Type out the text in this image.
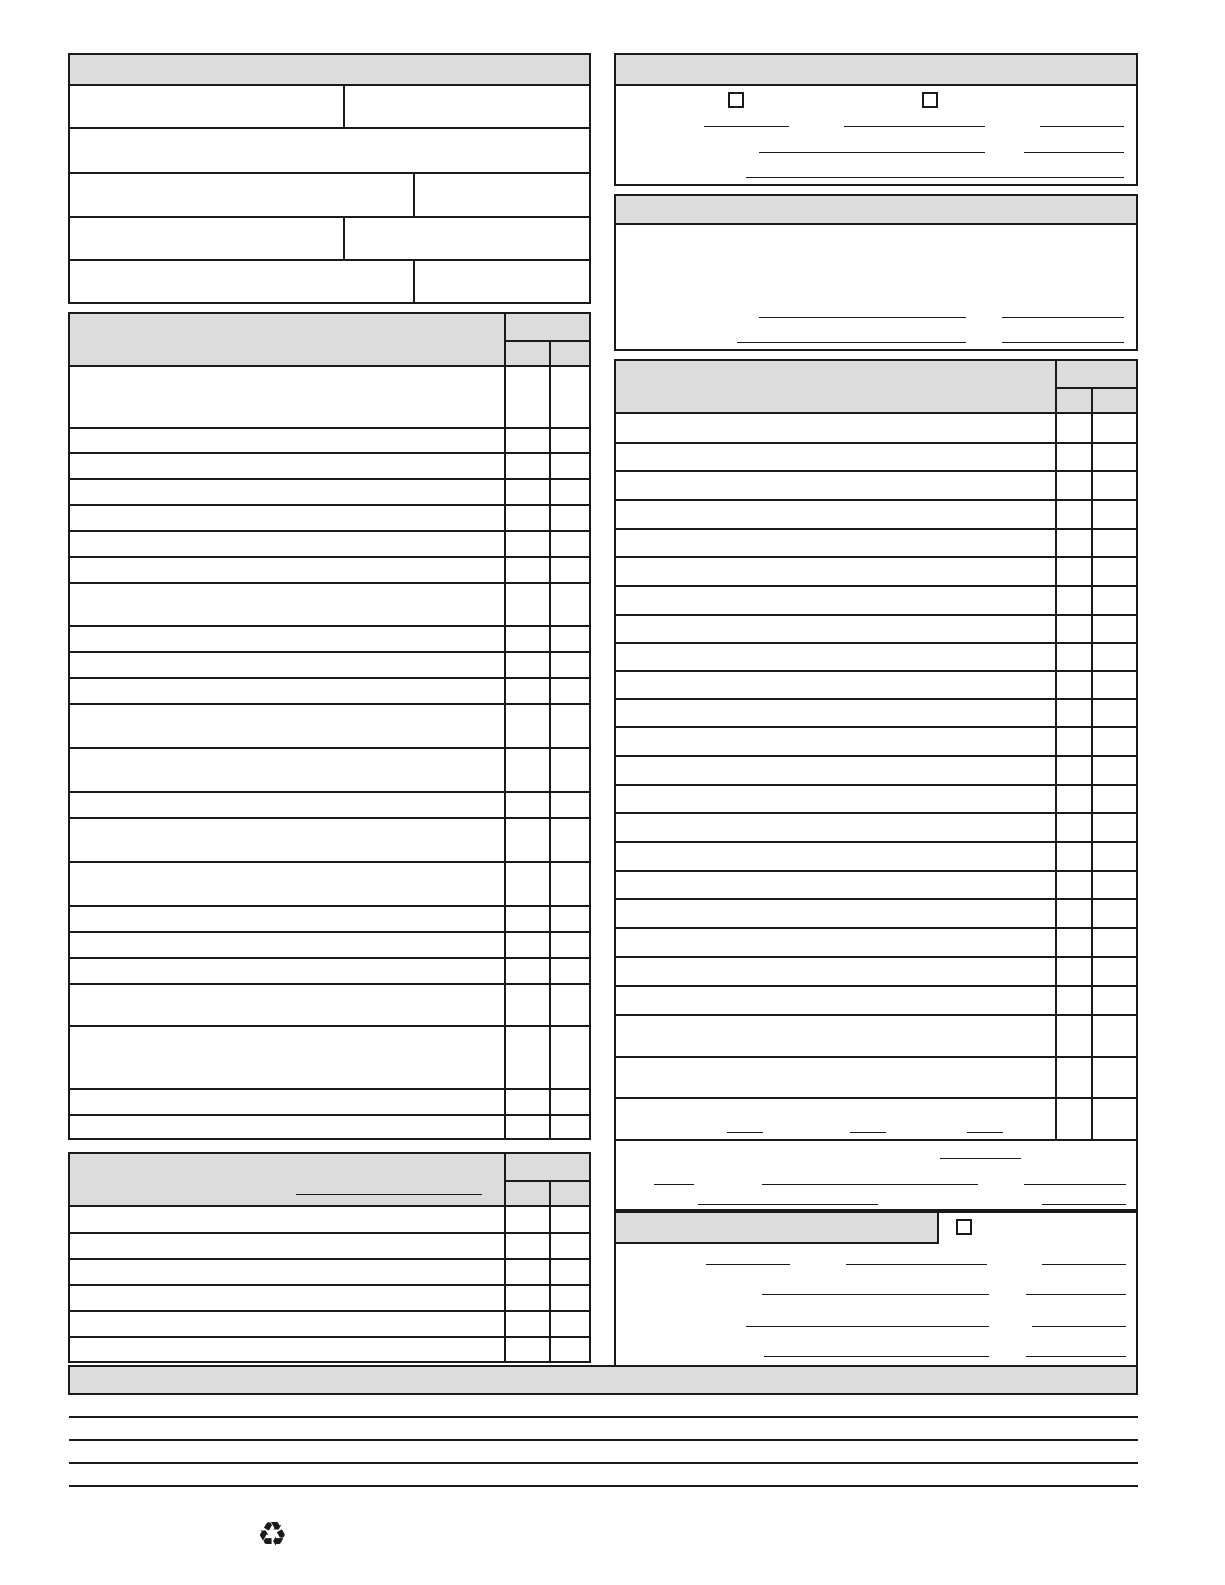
♻
